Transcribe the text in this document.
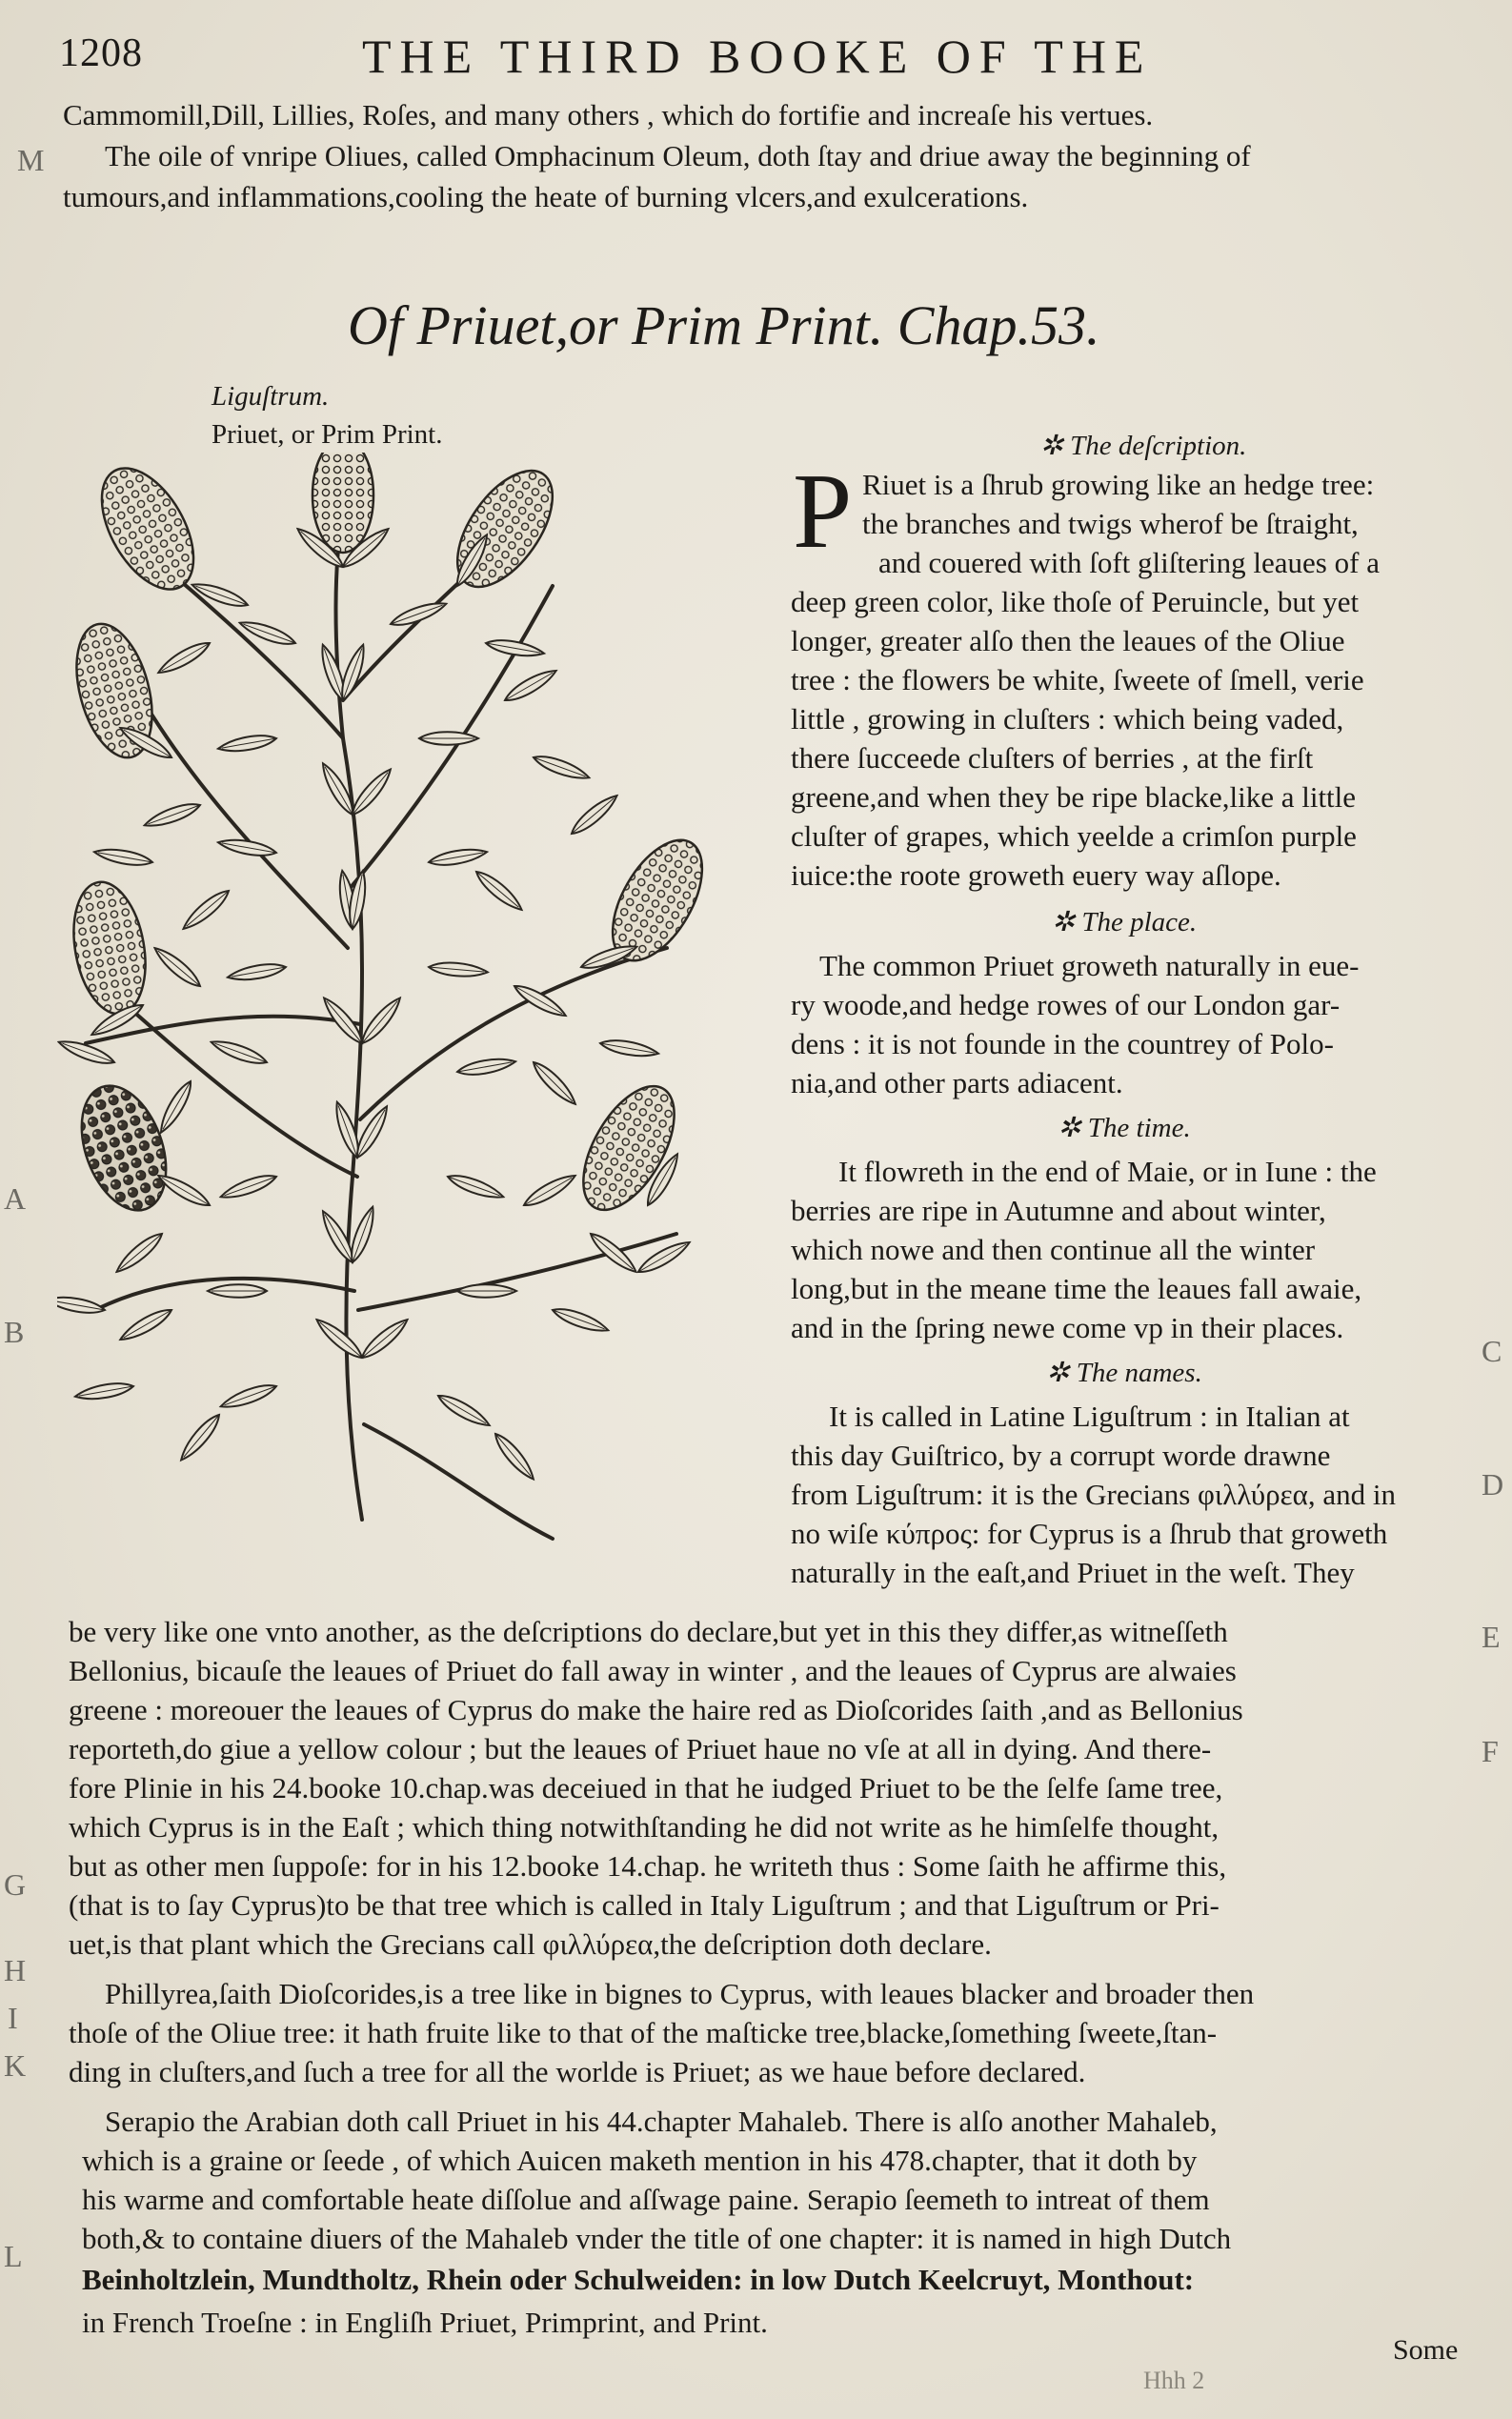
1208	THE THIRD BOOKE OF THE
Cammomill,Dill, Lillies, Roſes, and many others , which do fortifie and increaſe his vertues.
The oile of vnripe Oliues, called Omphacinum Oleum, doth ſtay and driue away the beginning of
tumours,and inflammations,cooling the heate of burning vlcers,and exulcerations.
M
Of Priuet,or Prim Print. Chap.53.
Liguſtrum.
Priuet, or Prim Print.	✲ The deſcription.
P Riuet is a ſhrub growing like an hedge tree:
the branches and twigs wherof be ſtraight,
and couered with ſoft gliſtering leaues of a
deep green color, like thoſe of Peruincle, but yet
longer, greater alſo then the leaues of the Oliue
tree : the flowers be white, ſweete of ſmell, verie
little , growing in cluſters : which being vaded,
there ſucceede cluſters of berries , at the firſt
greene,and when they be ripe blacke,like a little
cluſter of grapes, which yeelde a crimſon purple
iuice:the roote groweth euery way aſlope.
✲ The place.
The common Priuet groweth naturally in eue-
ry woode,and hedge rowes of our London gar-
dens : it is not founde in the countrey of Polo-
nia,and other parts adiacent.
✲ The time.
It flowreth in the end of Maie, or in Iune : the
berries are ripe in Autumne and about winter,
which nowe and then continue all the winter
long,but in the meane time the leaues fall awaie,
and in the ſpring newe come vp in their places.
✲ The names.
It is called in Latine Liguſtrum : in Italian at
this day Guiſtrico, by a corrupt worde drawne
from Liguſtrum: it is the Grecians φιλλύρεα, and in
no wiſe κύπρος: for Cyprus is a ſhrub that groweth
naturally in the eaſt,and Priuet in the weſt. They
be very like one vnto another, as the deſcriptions do declare,but yet in this they differ,as witneſſeth
Bellonius, bicauſe the leaues of Priuet do fall away in winter , and the leaues of Cyprus are alwaies
greene : moreouer the leaues of Cyprus do make the haire red as Dioſcorides ſaith ,and as Bellonius
reporteth,do giue a yellow colour ; but the leaues of Priuet haue no vſe at all in dying. And there-
fore Plinie in his 24.booke 10.chap.was deceiued in that he iudged Priuet to be the ſelfe ſame tree,
which Cyprus is in the Eaſt ; which thing notwithſtanding he did not write as he himſelfe thought,
but as other men ſuppoſe: for in his 12.booke 14.chap. he writeth thus : Some ſaith he affirme this,
(that is to ſay Cyprus)to be that tree which is called in Italy Liguſtrum ; and that Liguſtrum or Pri-
uet,is that plant which the Grecians call φιλλύρεα,the deſcription doth declare.
Phillyrea,ſaith Dioſcorides,is a tree like in bignes to Cyprus, with leaues blacker and broader then
thoſe of the Oliue tree: it hath fruite like to that of the maſticke tree,blacke,ſomething ſweete,ſtan-
ding in cluſters,and ſuch a tree for all the worlde is Priuet; as we haue before declared.
Serapio the Arabian doth call Priuet in his 44.chapter Mahaleb. There is alſo another Mahaleb,
which is a graine or ſeede , of which Auicen maketh mention in his 478.chapter, that it doth by
his warme and comfortable heate diſſolue and aſſwage paine. Serapio ſeemeth to intreat of them
both,& to containe diuers of the Mahaleb vnder the title of one chapter: it is named in high Dutch
Beinholtzlein, Mundtholtz, Rhein oder Schulweiden: in low Dutch Keelcruyt, Monthout:
in French Troeſne : in Engliſh Priuet, Primprint, and Print.
A
B
C
D
E
F
G
H
I
K
L
Some
Hhh 2
